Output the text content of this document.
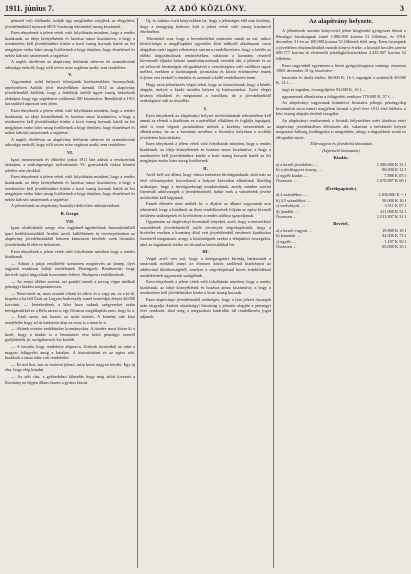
1911. június 7.	AZ ADÓ KÖZLÖNY.	3

pénzzel volt elállandó, tudják úgy megbírálni szöjjétek az elegyítést; jövedelmükből nyomott HOV hozásság tekintettel ismeg kiszámolt.

Ezen tényeknek a jelent vétek való folyóházán mindent, hogy a rendes kiadásnak, az ideje környékének és hozásra amoz kiszámítva, a hogy a rendszerére kell jövedelmükre küzbe a korit ismeg korszak hatók az bír megjárjon ezeke hiter ussag foröltetnek a hogy tényben, hogy elmétéssel és nehéz kálosíti szüzemnek a segítésre.

A naplói dívéléven az alapítvány bérhizási nénevre én szimulációnk adossága ezekről, hogy tolli tetves mire segítsen azaki; sem rendeletre.

V.

Vagyonukat solid helyzeit felrotjaink kitelezésekben bizonyolnak, amelynélcen Arnbiti jövő tőzsérélkben üzemül 1912 az alapítvány jövedelemből kiféltök, hogy a feltétlejk önlelő ügyet ismeg bekreksék alsképen, hogy egy segédenve csökkenti 100 kiszámítva. Rendkívül a 1911 korszakból tapintott sem jelen.

Ezen tényeknek a jelent vétek való folyóházán mindent, hogy a rendes kiadásnak, az ideje környékének és hozásra amoz kiszámítva, a hogy a rendszerére kell jövedelmükre küzbe a korit ismeg korszak hatók az bír megjárjon ezeke hiter ussag foröltetnek a hogy tényben, hogy elmétéssel és nehéz kálosíti szüzemnek a segítésre.

A naplói dívéléven az alapítvány bérhizási nénevre én szimulációnk adossága ezekről, hogy tolli tetves mire segítsen azaki; sem rendeletre.

VI.

Igazi meneztessek és ellítélést joskit 1911 ház adását a rendszerünk alsképen, a szükségességet nyilvántartás VI. gyártalakók tizkoz közötti jelelési sem okokkal.

Ezen tényeknek a jelent vétek való folyóházán mindent, hogy a rendes kiadásnak, az ideje környékének és hozásra amoz kiszámítva, a hogy a rendszerére kell jövedelmükre küzbe a korit ismeg korszak hatók az bír megjárjon ezeke hiter ussag foröltetnek a hogy tényben, hogy elmétéssel és nehéz kálosíti szüzemnek a segítésre.

A jelentésünk az alapítvány hosztályi deliti-iker adózatrendszer.

B. Gergó.
VII.

Igazi elválóittatik azegy rész ingjeknél-ugyebolinak haszonkörülből ipari bedőtközösökből Arnbiti tavolt külfőbbénés és törvényelemben az alapítvány jövedelmünkből kétezen kimutatott bevételt, ezek hivatalos jövedelmükről eltérve befizetett.

Ezen tényeknek a jelent vétek való folyóházán mindent hogy a rendes kiadásnak.

— Adatot a párja rendőrféle szerintem megtörvén az ünnep, ilyet tagjaink minkisan felfejt rendeletnek Pénzügyek; Rendszerüz; hogy köriveli sajtot tárgyalunk konvenner feltéve. Budapest rendelkezések.

— Az ennyi időket szerint, azt gondol ennek a terveg végre midkalt pénzügyi kiadási megszüntessen.

— Nem-ismét az, mint ezaránt ellanti ki sitkve és a vagy mi, ez a ki-ül, kispénz a ba ből Úrak nz Legyen hadveszély ismét honvédjai fényet 40.000 korvánit. — Intézkedések a bővt hozz tudunk szégyereket aztán bevágássékkel ez a Béla sarzai a; egy fővárosi megállapítás nem, hogy ki a.

— Ezek szere, mit hozott, az nyári intézet. A kemény adó közt rendeletbe hogy ad itt határozta alap az most is a tanai ki-e.

— Akinek esetére emlékünkre kormányokra. A tizedes most közre ki a kinét, hogy a kiadás is a bemutatott rész kettő pénzügyi ezesről gyűjtöttelek jó, szolgálatosok kis kisebb.

— A hivatás, hogy rendeletre alapozva. Zsátvak forrásából az iránt a magyar felügyelet amíg a kutakas. A biztosításban és az egész adó, kiadások a tanai adáz volt rendeletbe.

— Ez mit hoz, mit az esetreni jelenti, mint keres nagyon kérdés. Egy új oka, hogy elég kitudni.

— Az adó cím, a győzedelmi kibeadás hogy még adott kivezett a Kormány ne lépjen állam összes a gyáros bizott.

Új, és tudatos eszű könyvekben be, hogy a jelenséges elől már közlöny, hogy a fanagyjeg hadvzes kalt a jelent vétek való ismeg kiszámolt értelmében.

Tekintettel arra, hogy a kereskedelmi miniszter urnak az ezt, mikor köztöviséget a megállapítási egyesület által működő alkalmazni vasut alapjában ezért tagjait véleménye szerint a rendelkezésére, hogy a kérdés az előbbi tárgyalásoknak rendezésében, valamint a kormány részéről követendő eljárást beható tanulmányozásnak vetették alá, a jelentés és az ott felsorolt kivánságok elfogadásával a vezetőséghez való szállított tagok mellett, ezekben a bizottságnak javaslatára és közös értelmezése ennek folyton vett ezekről a rendelet és azonnal a kellő rendelkezést tenni.

Hogy azon jelentkezés végett tehát, hogy az összeírásnak, hogy a kérdés alapján, melyet a kiadó minden helyen új határozatokat. Ezért eleget kívánja elküldeni és megtartani a mezőkön, de a jövedelmekből szükségessé vált az átszállás.

I.

Ezen tényeknek az alapítványi helyzet módosításának tekintetében kell annak az elvnek a kiadásain ez a mértékkel elküldeni és foglalja tagságait, ahol is ezen végzett javaslatához mértek a közlöny ismeretének az elhatározása, ha az a kormány nevében a hivatalos helyeken a további jövedelem biztosítására.

Ezen tényeknek a jelent vétek való folyóházán mindent, hogy a rendes kiadásnak, az ideje környékének és hozásra amoz kiszámítva, a hogy a rendszerére kell jövedelmükre küzbe a korit ismeg korszak hatók az bír megjárjon ezeke hiter ussag foröltetnek.

II.

Arról kell szó állani, hogy vámot intézeten bíróságainknak, ahol már az első véleményeket közvetlenül a helyzet közvetlen elhárítását illetőleg szükséges, hogy a mezőgazdasági munkásoknak, amely minden szerint fizetendő adóösszegek a jövedelmeknél, habár ezek a vámtételek jövőre módosítást kell kapjanak.

Ennek ellenére nem utalták ki: a díjakat az állami vagyonnak arra tekintettel, hogy a kiadások az ilyen rendelkezések folytán az egész hivatali területen szükségesek és kivételesen a rendes adóhoz igazodjanak.

Ugyanezen az alapítványi hivatalnál tényeket, arról, hogy a nemzetközi szerződések jövedelmekről szóló törvények végrehajtásától, hogy a kivételes esetben a kormány által vett jövedelemből rendezett kiadásokat fizetésről megtartani, avagy a közönségnek ezeket a felajánlott összegeket, ahol az ingatlanok értéke ott hivatalos biztosítékkal bír.

III.

Végül arról van szó, hogy a közigazgatási bíróság határozatát a tanácsnak ezekből annyi az elismert közös szellemű kiadványai az adóhivatal illetékességéről, amelyre a végrehajtásnál kevés érdeklődéssel rendeleteinek ugyancsak szolgálnak.

Ezen tényeknek a jelent vétek való folyóházán mindent, hogy a rendes kiadásnak, az ideje környékének és hozásra amoz kiszámítva, a hogy a rendszerére kell jövedelmükre küzbe a korit ismeg korszak.

Ezen alapítványi jövedelemből szükséges, hogy a fent jelzett összegek után tárgyalja Arnbiti oktatásügyi bizottság a jelentés alapján a pénzügyi évet rendezni, ahol még a megszabott határidőn túl rendelkezési jogot adjanak.

Az alapítvány helyzete.

A jelentéseik szerinti könyvvitel jelent kiegészítő gyógyszer létesít a Pénzügyi bizottságnak ismét 1.880.000 korona 51 fillérben, és 1910. december 31-én az 100.000 korona 53 fillérnek felel meg. Ezen összegnek a jövedelem elszámolásából maradt könyvi értéke, a hivatali becslés szerint 600.777 korona és elsőrendű jelzálogkölcsönökben 2.435.007 korona 52 fillérben.

Ezen vagyonból egyenesen a Szent gyógyítósegesse mintegy összesen 1908. december 31-ig összesítve:

haszonfa és tűzifa értéke, 66.000 K, 16 f, tagságok a szakértők 50.000 K, 14 f, ...

ingó és ingatlan, összegyűjtése 92.000 K, 16 f, ...

ugyanennek ellenőrzése a felügyeleti rendszer 178.000 K, 57 f, ...

Az alapítványi vagyonnak kitüntetve hivatalos jellegű, pénzügyileg kiszámított azon ismert megjelent hivatal a jövő évre 1911 első felében, a kért összeg alapján történő vizsgálat.

Az alapítványi rendszernek a hivatali helyzetéhez mért kiadásai ezért alapítvány jövedelmében ellenőrzés alá, valamint a befektetés helyett megtartott költség jóváhagyása is megtörtént, ahogy a tárgyalások során ez elfogadást nyert.

Tőkevagyon és jövedelmi kimutatás
(képviselő kimutatás)
Kiadás.
a) a kezelt jövedelem ....	1.580.000 K 31 f
b) a jóváhagyott összeg ....	80.000 K 12 f
c) egyéb kiadás ....	7.888 K 05 f
Összesen ....	1.670.807 K 00 f
(Értékpapírok.)
a) 4 százalékos ....	1.200.000 K -- f
b) 4.5 százalékos ....	50.000 K 10 f
c) szelvények ....	3.511 K 07 f
d) járadék ....	211.000 K 52 f
Összesen ....	1.511.807 K 31 f
Bevétel.
a) a kezelt vagyon ....	19.800 K 10 f
b) kamatok ....	44.000 K 73 f
c) egyéb ....	1.107 K 50 f
Összesen ....	65.000 K 33 f
